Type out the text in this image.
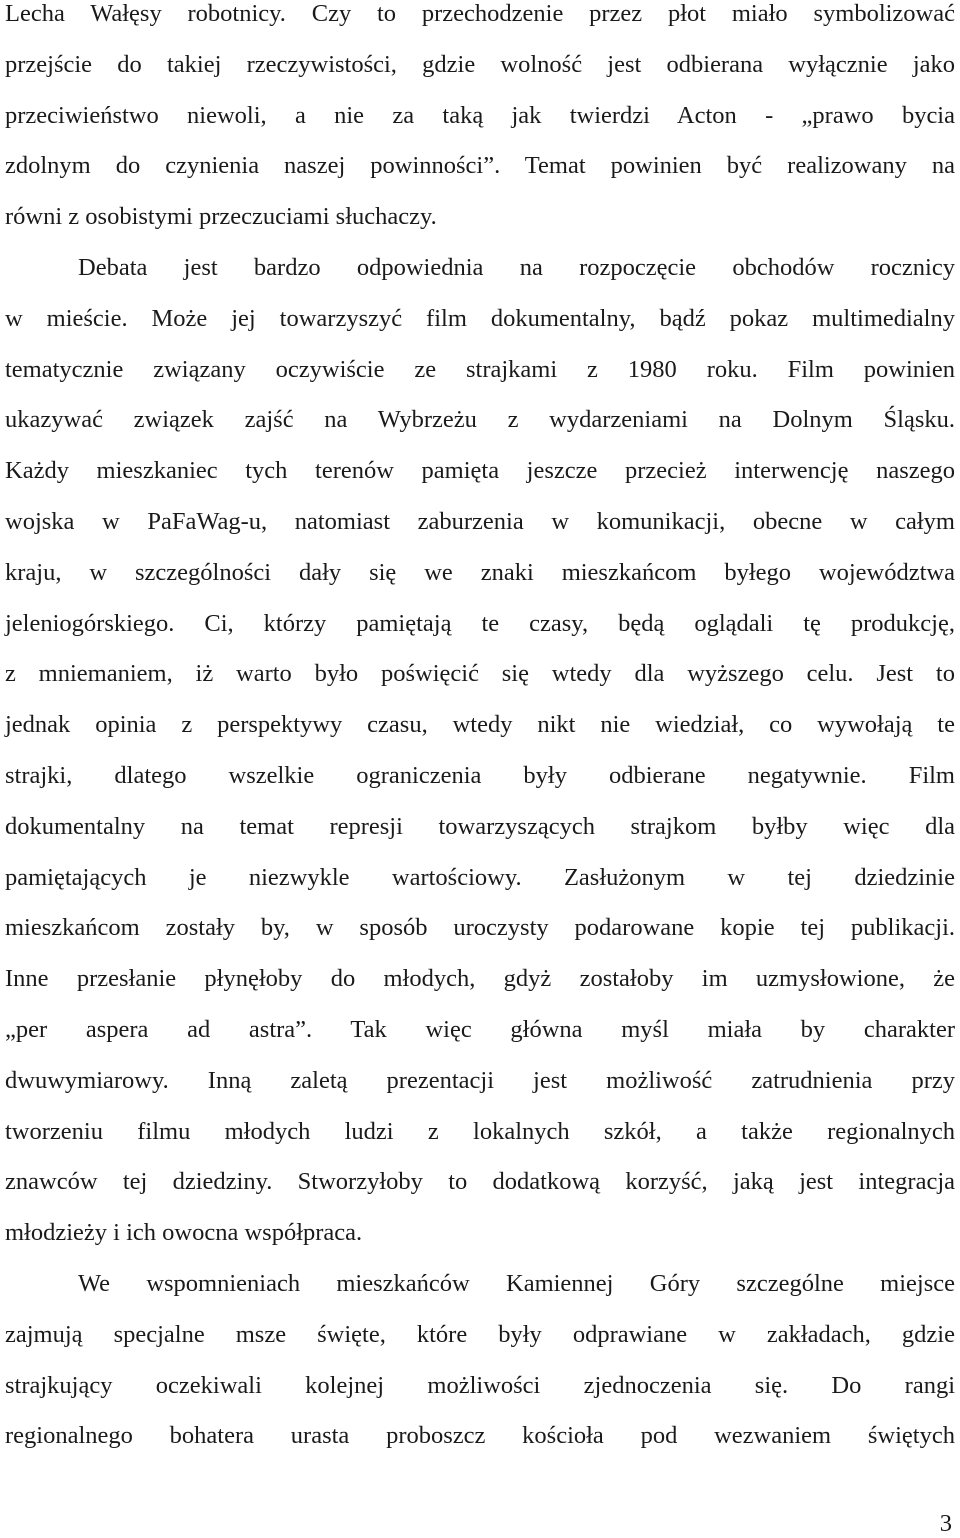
Lecha Wałęsy robotnicy. Czy to przechodzenie przez płot miało symbolizować
przejście do takiej rzeczywistości, gdzie wolność jest odbierana wyłącznie jako
przeciwieństwo niewoli, a nie za taką jak twierdzi Acton - „prawo bycia
zdolnym do czynienia naszej powinności”. Temat powinien być realizowany na
równi z osobistymi przeczuciami słuchaczy.
Debata jest bardzo odpowiednia na rozpoczęcie obchodów rocznicy
w mieście. Może jej towarzyszyć film dokumentalny, bądź pokaz multimedialny
tematycznie związany oczywiście ze strajkami z 1980 roku. Film powinien
ukazywać związek zajść na Wybrzeżu z wydarzeniami na Dolnym Śląsku.
Każdy mieszkaniec tych terenów pamięta jeszcze przecież interwencję naszego
wojska w PaFaWag-u, natomiast zaburzenia w komunikacji, obecne w całym
kraju, w szczególności dały się we znaki mieszkańcom byłego województwa
jeleniogórskiego. Ci, którzy pamiętają te czasy, będą oglądali tę produkcję,
z mniemaniem, iż warto było poświęcić się wtedy dla wyższego celu. Jest to
jednak opinia z perspektywy czasu, wtedy nikt nie wiedział, co wywołają te
strajki, dlatego wszelkie ograniczenia były odbierane negatywnie. Film
dokumentalny na temat represji towarzyszących strajkom byłby więc dla
pamiętających je niezwykle wartościowy. Zasłużonym w tej dziedzinie
mieszkańcom zostały by, w sposób uroczysty podarowane kopie tej publikacji.
Inne przesłanie płynęłoby do młodych, gdyż zostałoby im uzmysłowione, że
„per aspera ad astra”. Tak więc główna myśl miała by charakter
dwuwymiarowy. Inną zaletą prezentacji jest możliwość zatrudnienia przy
tworzeniu filmu młodych ludzi z lokalnych szkół, a także regionalnych
znawców tej dziedziny. Stworzyłoby to dodatkową korzyść, jaką jest integracja
młodzieży i ich owocna współpraca.
We wspomnieniach mieszkańców Kamiennej Góry szczególne miejsce
zajmują specjalne msze święte, które były odprawiane w zakładach, gdzie
strajkujący oczekiwali kolejnej możliwości zjednoczenia się. Do rangi
regionalnego bohatera urasta proboszcz kościoła pod wezwaniem świętych
3
